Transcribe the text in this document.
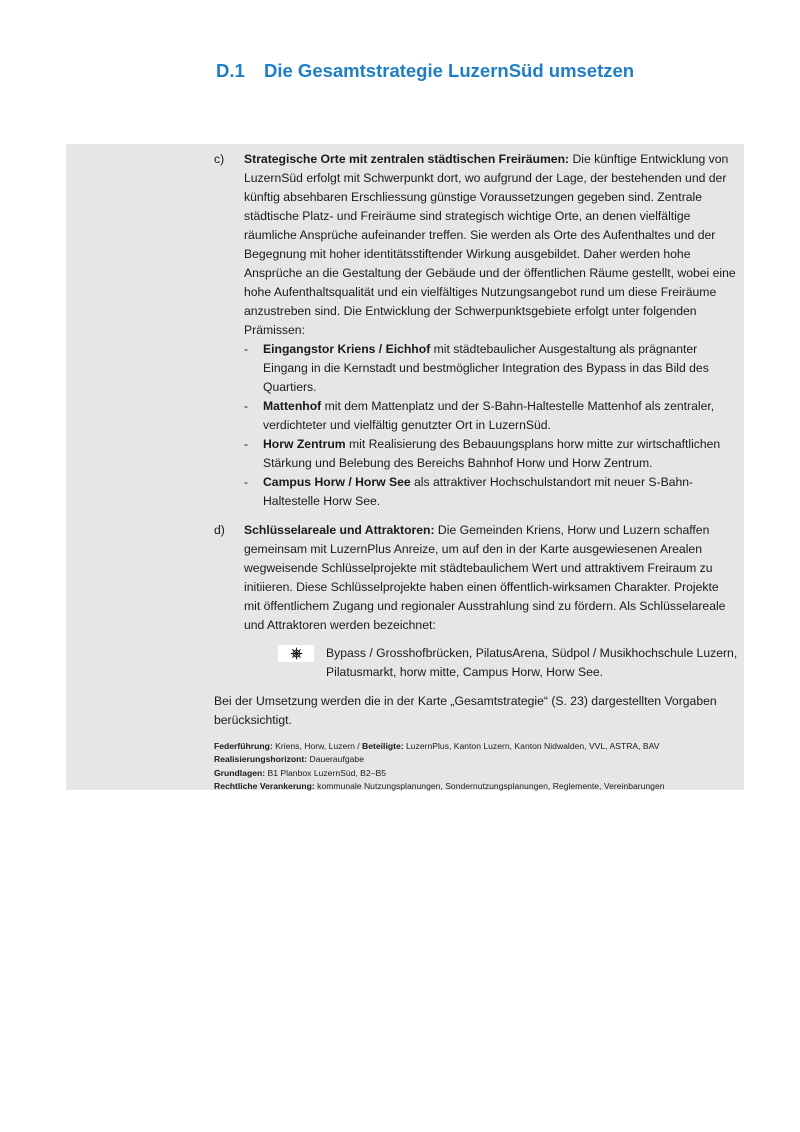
D.1 Die Gesamtstrategie LuzernSüd umsetzen
c) Strategische Orte mit zentralen städtischen Freiräumen: Die künftige Entwicklung von LuzernSüd erfolgt mit Schwerpunkt dort, wo aufgrund der Lage, der bestehenden und der künftig absehbaren Erschliessung günstige Voraussetzungen gegeben sind. Zentrale städtische Platz- und Freiräume sind strategisch wichtige Orte, an denen vielfältige räumliche Ansprüche aufeinander treffen. Sie werden als Orte des Aufenthaltes und der Begegnung mit hoher identitätsstiftender Wirkung ausgebildet. Daher werden hohe Ansprüche an die Gestaltung der Gebäude und der öffentlichen Räume gestellt, wobei eine hohe Aufenthaltsqualität und ein vielfältiges Nutzungsangebot rund um diese Freiräume anzustreben sind. Die Entwicklung der Schwerpunktsgebiete erfolgt unter folgenden Prämissen:
- Eingangstor Kriens / Eichhof mit städtebaulicher Ausgestaltung als prägnanter Eingang in die Kernstadt und bestmöglicher Integration des Bypass in das Bild des Quartiers.
- Mattenhof mit dem Mattenplatz und der S-Bahn-Haltestelle Mattenhof als zentraler, verdichteter und vielfältig genutzter Ort in LuzernSüd.
- Horw Zentrum mit Realisierung des Bebauungsplans horw mitte zur wirtschaftlichen Stärkung und Belebung des Bereichs Bahnhof Horw und Horw Zentrum.
- Campus Horw / Horw See als attraktiver Hochschulstandort mit neuer S-Bahn-Haltestelle Horw See.
d) Schlüsselareale und Attraktoren: Die Gemeinden Kriens, Horw und Luzern schaffen gemeinsam mit LuzernPlus Anreize, um auf den in der Karte ausgewiesenen Arealen wegweisende Schlüsselprojekte mit städtebaulichem Wert und attraktivem Freiraum zu initiieren. Diese Schlüsselprojekte haben einen öffentlich-wirksamen Charakter. Projekte mit öffentlichem Zugang und regionaler Ausstrahlung sind zu fördern. Als Schlüsselareale und Attraktoren werden bezeichnet:
Bypass / Grosshofbrücken, PilatusArena, Südpol / Musikhochschule Luzern, Pilatusmarkt, horw mitte, Campus Horw, Horw See.
Bei der Umsetzung werden die in der Karte „Gesamtstrategie“ (S. 23) dargestellten Vorgaben berücksichtigt.
Federführung: Kriens, Horw, Luzern / Beteiligte: LuzernPlus, Kanton Luzern, Kanton Nidwalden, VVL, ASTRA, BAV
Realisierungshorizont: Daueraufgabe
Grundlagen: B1 Planbox LuzernSüd, B2–B5
Rechtliche Verankerung: kommunale Nutzungsplanungen, Sondernutzungsplanungen, Reglemente, Vereinbarungen
